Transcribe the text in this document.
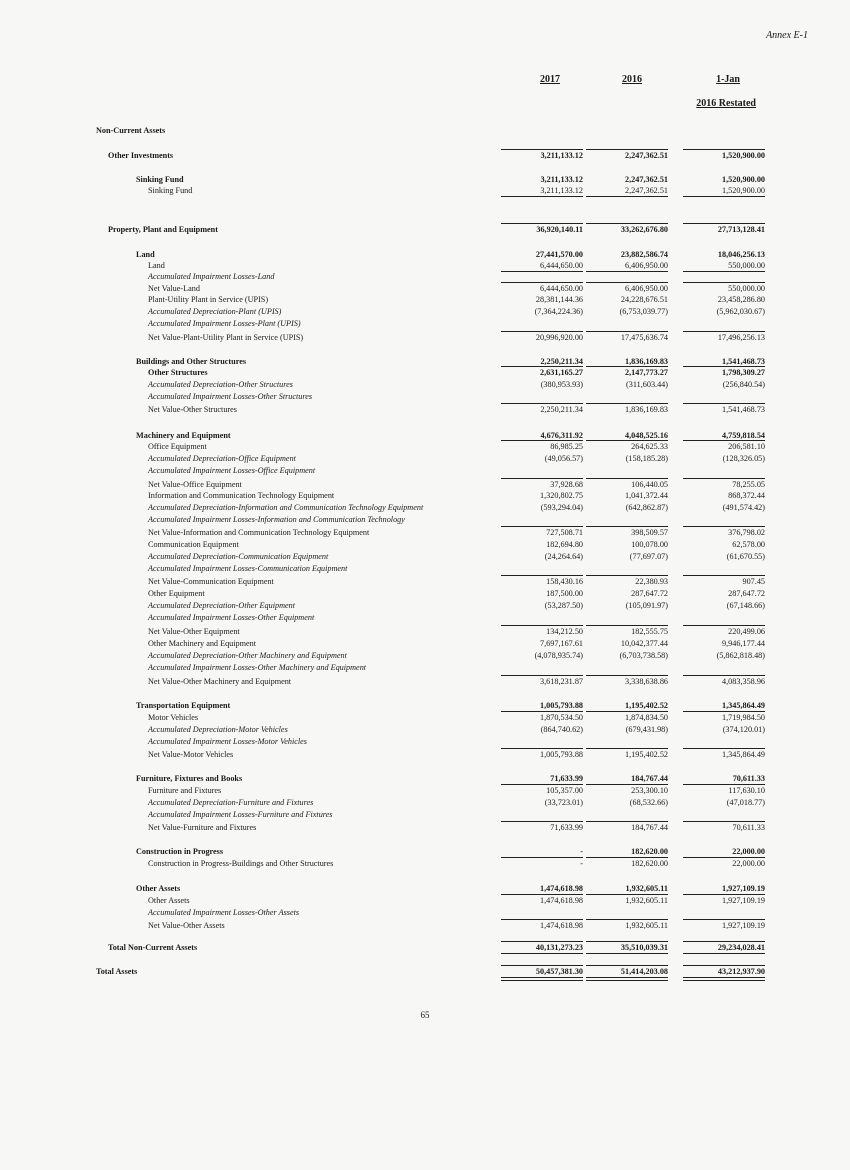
Annex E-1
2017	2016	1-Jan
2016 Restated
Non-Current Assets
Other Investments	3,211,133.12	2,247,362.51	1,520,900.00
Sinking Fund	3,211,133.12	2,247,362.51	1,520,900.00
Sinking Fund	3,211,133.12	2,247,362.51	1,520,900.00
Property, Plant and Equipment	36,920,140.11	33,262,676.80	27,713,128.41
Land	27,441,570.00	23,882,586.74	18,046,256.13
Land	6,444,650.00	6,406,950.00	550,000.00
Accumulated Impairment Losses-Land
Net Value-Land	6,444,650.00	6,406,950.00	550,000.00
Plant-Utility Plant in Service (UPIS)	28,381,144.36	24,228,676.51	23,458,286.80
Accumulated Depreciation-Plant (UPIS)	(7,364,224.36)	(6,753,039.77)	(5,962,030.67)
Accumulated Impairment Losses-Plant (UPIS)
Net Value-Plant-Utility Plant in Service (UPIS)	20,996,920.00	17,475,636.74	17,496,256.13
Buildings and Other Structures	2,250,211.34	1,836,169.83	1,541,468.73
Other Structures	2,631,165.27	2,147,773.27	1,798,309.27
Accumulated Depreciation-Other Structures	(380,953.93)	(311,603.44)	(256,840.54)
Accumulated Impairment Losses-Other Structures
Net Value-Other Structures	2,250,211.34	1,836,169.83	1,541,468.73
Machinery and Equipment	4,676,311.92	4,048,525.16	4,759,818.54
Office Equipment	86,985.25	264,625.33	206,581.10
Accumulated Depreciation-Office Equipment	(49,056.57)	(158,185.28)	(128,326.05)
Accumulated Impairment Losses-Office Equipment
Net Value-Office Equipment	37,928.68	106,440.05	78,255.05
Information and Communication Technology Equipment	1,320,802.75	1,041,372.44	868,372.44
Accumulated Depreciation-Information and Communication Technology Equipment	(593,294.04)	(642,862.87)	(491,574.42)
Accumulated Impairment Losses-Information and Communication Technology
Net Value-Information and Communication Technology Equipment	727,508.71	398,509.57	376,798.02
Communication Equipment	182,694.80	100,078.00	62,578.00
Accumulated Depreciation-Communication Equipment	(24,264.64)	(77,697.07)	(61,670.55)
Accumulated Impairment Losses-Communication Equipment
Net Value-Communication Equipment	158,430.16	22,380.93	907.45
Other Equipment	187,500.00	287,647.72	287,647.72
Accumulated Depreciation-Other Equipment	(53,287.50)	(105,091.97)	(67,148.66)
Accumulated Impairment Losses-Other Equipment
Net Value-Other Equipment	134,212.50	182,555.75	220,499.06
Other Machinery and Equipment	7,697,167.61	10,042,377.44	9,946,177.44
Accumulated Depreciation-Other Machinery and Equipment	(4,078,935.74)	(6,703,738.58)	(5,862,818.48)
Accumulated Impairment Losses-Other Machinery and Equipment
Net Value-Other Machinery and Equipment	3,618,231.87	3,338,638.86	4,083,358.96
Transportation Equipment	1,005,793.88	1,195,402.52	1,345,864.49
Motor Vehicles	1,870,534.50	1,874,834.50	1,719,984.50
Accumulated Depreciation-Motor Vehicles	(864,740.62)	(679,431.98)	(374,120.01)
Accumulated Impairment Losses-Motor Vehicles
Net Value-Motor Vehicles	1,005,793.88	1,195,402.52	1,345,864.49
Furniture, Fixtures and Books	71,633.99	184,767.44	70,611.33
Furniture and Fixtures	105,357.00	253,300.10	117,630.10
Accumulated Depreciation-Furniture and Fixtures	(33,723.01)	(68,532.66)	(47,018.77)
Accumulated Impairment Losses-Furniture and Fixtures
Net Value-Furniture and Fixtures	71,633.99	184,767.44	70,611.33
Construction in Progress	-	182,620.00	22,000.00
Construction in Progress-Buildings and Other Structures	-	182,620.00	22,000.00
Other Assets	1,474,618.98	1,932,605.11	1,927,109.19
Other Assets	1,474,618.98	1,932,605.11	1,927,109.19
Accumulated Impairment Losses-Other Assets
Net Value-Other Assets	1,474,618.98	1,932,605.11	1,927,109.19
Total Non-Current Assets	40,131,273.23	35,510,039.31	29,234,028.41
Total Assets	50,457,381.30	51,414,203.08	43,212,937.90
65
